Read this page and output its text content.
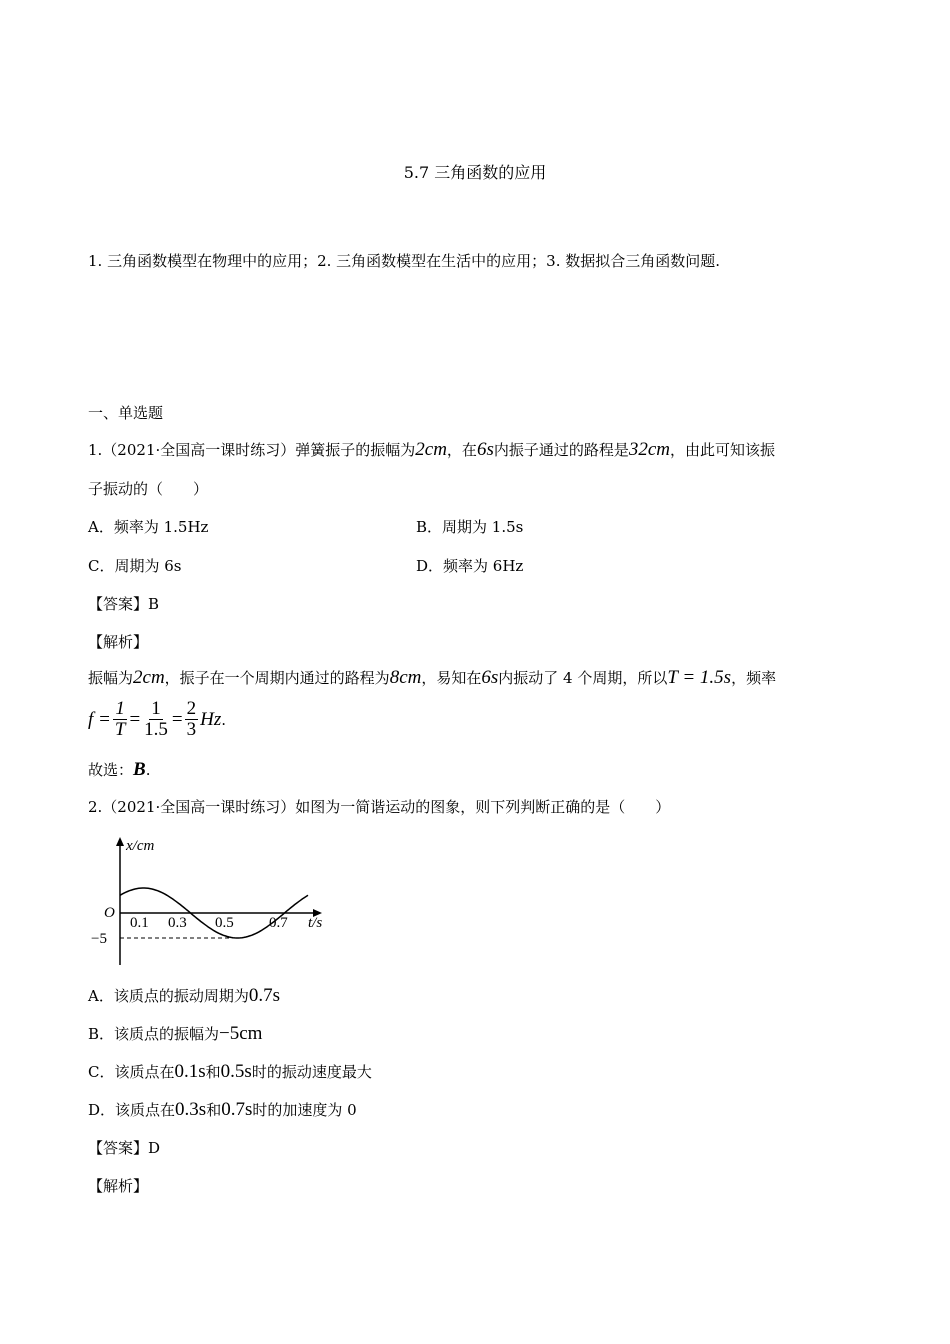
5.7 三角函数的应用
1. 三角函数模型在物理中的应用；2. 三角函数模型在生活中的应用；3. 数据拟合三角函数问题.
一、单选题
1.（2021·全国高一课时练习）弹簧振子的振幅为2cm，在6s内振子通过的路程是32cm，由此可知该振
子振动的（　　）
A．频率为 1.5Hz	B．周期为 1.5s
C．周期为 6s	D．频率为 6Hz
【答案】B
【解析】
振幅为2cm，振子在一个周期内通过的路程为8cm，易知在6s内振动了 4 个周期，所以T = 1.5s，频率
$f = \frac{1}{T} = \frac{1}{1.5} = \frac{2}{3}$ Hz .
故选：B.
2.（2021·全国高一课时练习）如图为一简谐运动的图象，则下列判断正确的是（　　）
x/cm
O
−5
0.1 0.3 0.5 0.7 t/s
A．该质点的振动周期为0.7s
B．该质点的振幅为−5cm
C．该质点在0.1s和0.5s时的振动速度最大
D．该质点在0.3s和0.7s时的加速度为 0
【答案】D
【解析】
